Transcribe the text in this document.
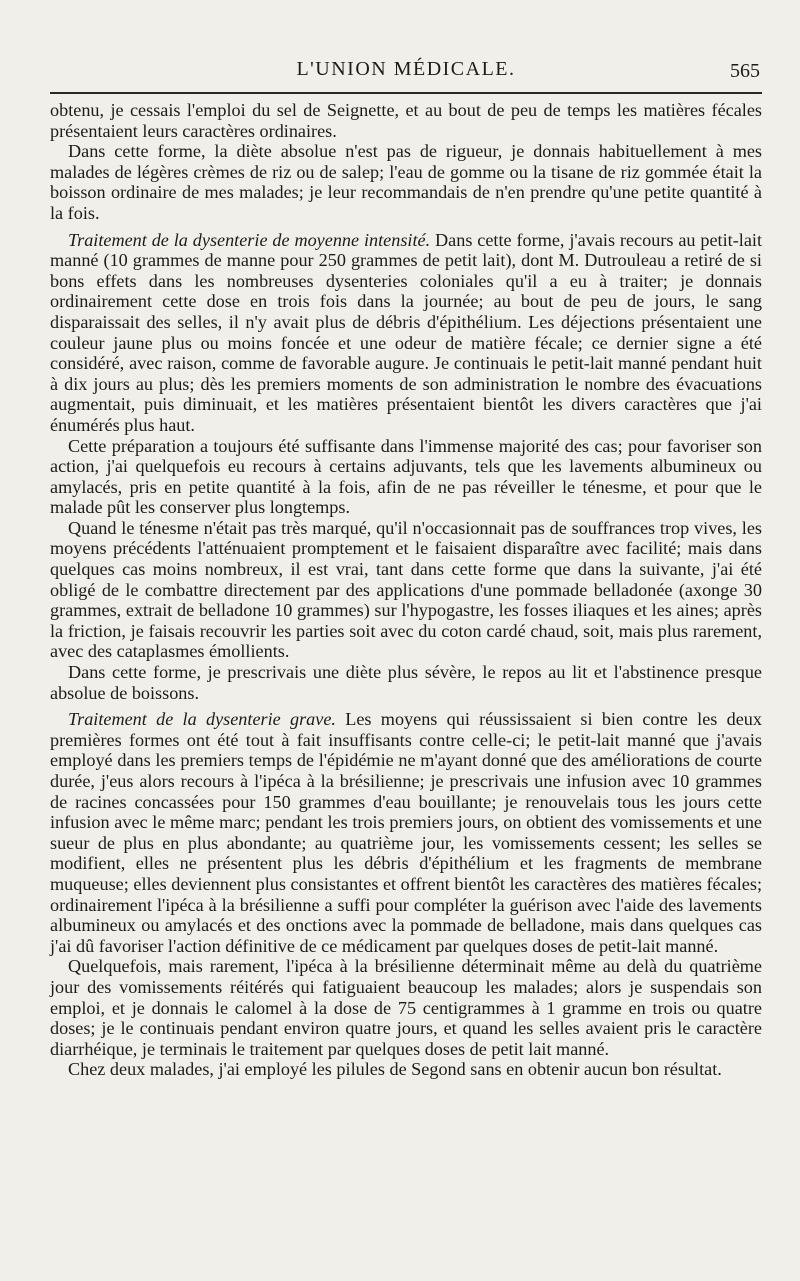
L'UNION MÉDICALE.	565

obtenu, je cessais l'emploi du sel de Seignette, et au bout de peu de temps les matières fécales présentaient leurs caractères ordinaires.

Dans cette forme, la diète absolue n'est pas de rigueur, je donnais habituellement à mes malades de légères crèmes de riz ou de salep; l'eau de gomme ou la tisane de riz gommée était la boisson ordinaire de mes malades; je leur recommandais de n'en prendre qu'une petite quantité à la fois.

Traitement de la dysenterie de moyenne intensité. Dans cette forme, j'avais recours au petit-lait manné (10 grammes de manne pour 250 grammes de petit lait), dont M. Dutrouleau a retiré de si bons effets dans les nombreuses dysenteries coloniales qu'il a eu à traiter; je donnais ordinairement cette dose en trois fois dans la journée; au bout de peu de jours, le sang disparaissait des selles, il n'y avait plus de débris d'épithélium. Les déjections présentaient une couleur jaune plus ou moins foncée et une odeur de matière fécale; ce dernier signe a été considéré, avec raison, comme de favorable augure. Je continuais le petit-lait manné pendant huit à dix jours au plus; dès les premiers moments de son administration le nombre des évacuations augmentait, puis diminuait, et les matières présentaient bientôt les divers caractères que j'ai énumérés plus haut.

Cette préparation a toujours été suffisante dans l'immense majorité des cas; pour favoriser son action, j'ai quelquefois eu recours à certains adjuvants, tels que les lavements albumineux ou amylacés, pris en petite quantité à la fois, afin de ne pas réveiller le ténesme, et pour que le malade pût les conserver plus longtemps.

Quand le ténesme n'était pas très marqué, qu'il n'occasionnait pas de souffrances trop vives, les moyens précédents l'atténuaient promptement et le faisaient disparaître avec facilité; mais dans quelques cas moins nombreux, il est vrai, tant dans cette forme que dans la suivante, j'ai été obligé de le combattre directement par des applications d'une pommade belladonée (axonge 30 grammes, extrait de belladone 10 grammes) sur l'hypogastre, les fosses iliaques et les aines; après la friction, je faisais recouvrir les parties soit avec du coton cardé chaud, soit, mais plus rarement, avec des cataplasmes émollients.

Dans cette forme, je prescrivais une diète plus sévère, le repos au lit et l'abstinence presque absolue de boissons.

Traitement de la dysenterie grave. Les moyens qui réussissaient si bien contre les deux premières formes ont été tout à fait insuffisants contre celle-ci; le petit-lait manné que j'avais employé dans les premiers temps de l'épidémie ne m'ayant donné que des améliorations de courte durée, j'eus alors recours à l'ipéca à la brésilienne; je prescrivais une infusion avec 10 grammes de racines concassées pour 150 grammes d'eau bouillante; je renouvelais tous les jours cette infusion avec le même marc; pendant les trois premiers jours, on obtient des vomissements et une sueur de plus en plus abondante; au quatrième jour, les vomissements cessent; les selles se modifient, elles ne présentent plus les débris d'épithélium et les fragments de membrane muqueuse; elles deviennent plus consistantes et offrent bientôt les caractères des matières fécales; ordinairement l'ipéca à la brésilienne a suffi pour compléter la guérison avec l'aide des lavements albumineux ou amylacés et des onctions avec la pommade de belladone, mais dans quelques cas j'ai dû favoriser l'action définitive de ce médicament par quelques doses de petit-lait manné.

Quelquefois, mais rarement, l'ipéca à la brésilienne déterminait même au delà du quatrième jour des vomissements réitérés qui fatiguaient beaucoup les malades; alors je suspendais son emploi, et je donnais le calomel à la dose de 75 centigrammes à 1 gramme en trois ou quatre doses; je le continuais pendant environ quatre jours, et quand les selles avaient pris le caractère diarrhéique, je terminais le traitement par quelques doses de petit lait manné.

Chez deux malades, j'ai employé les pilules de Segond sans en obtenir aucun bon résultat.
